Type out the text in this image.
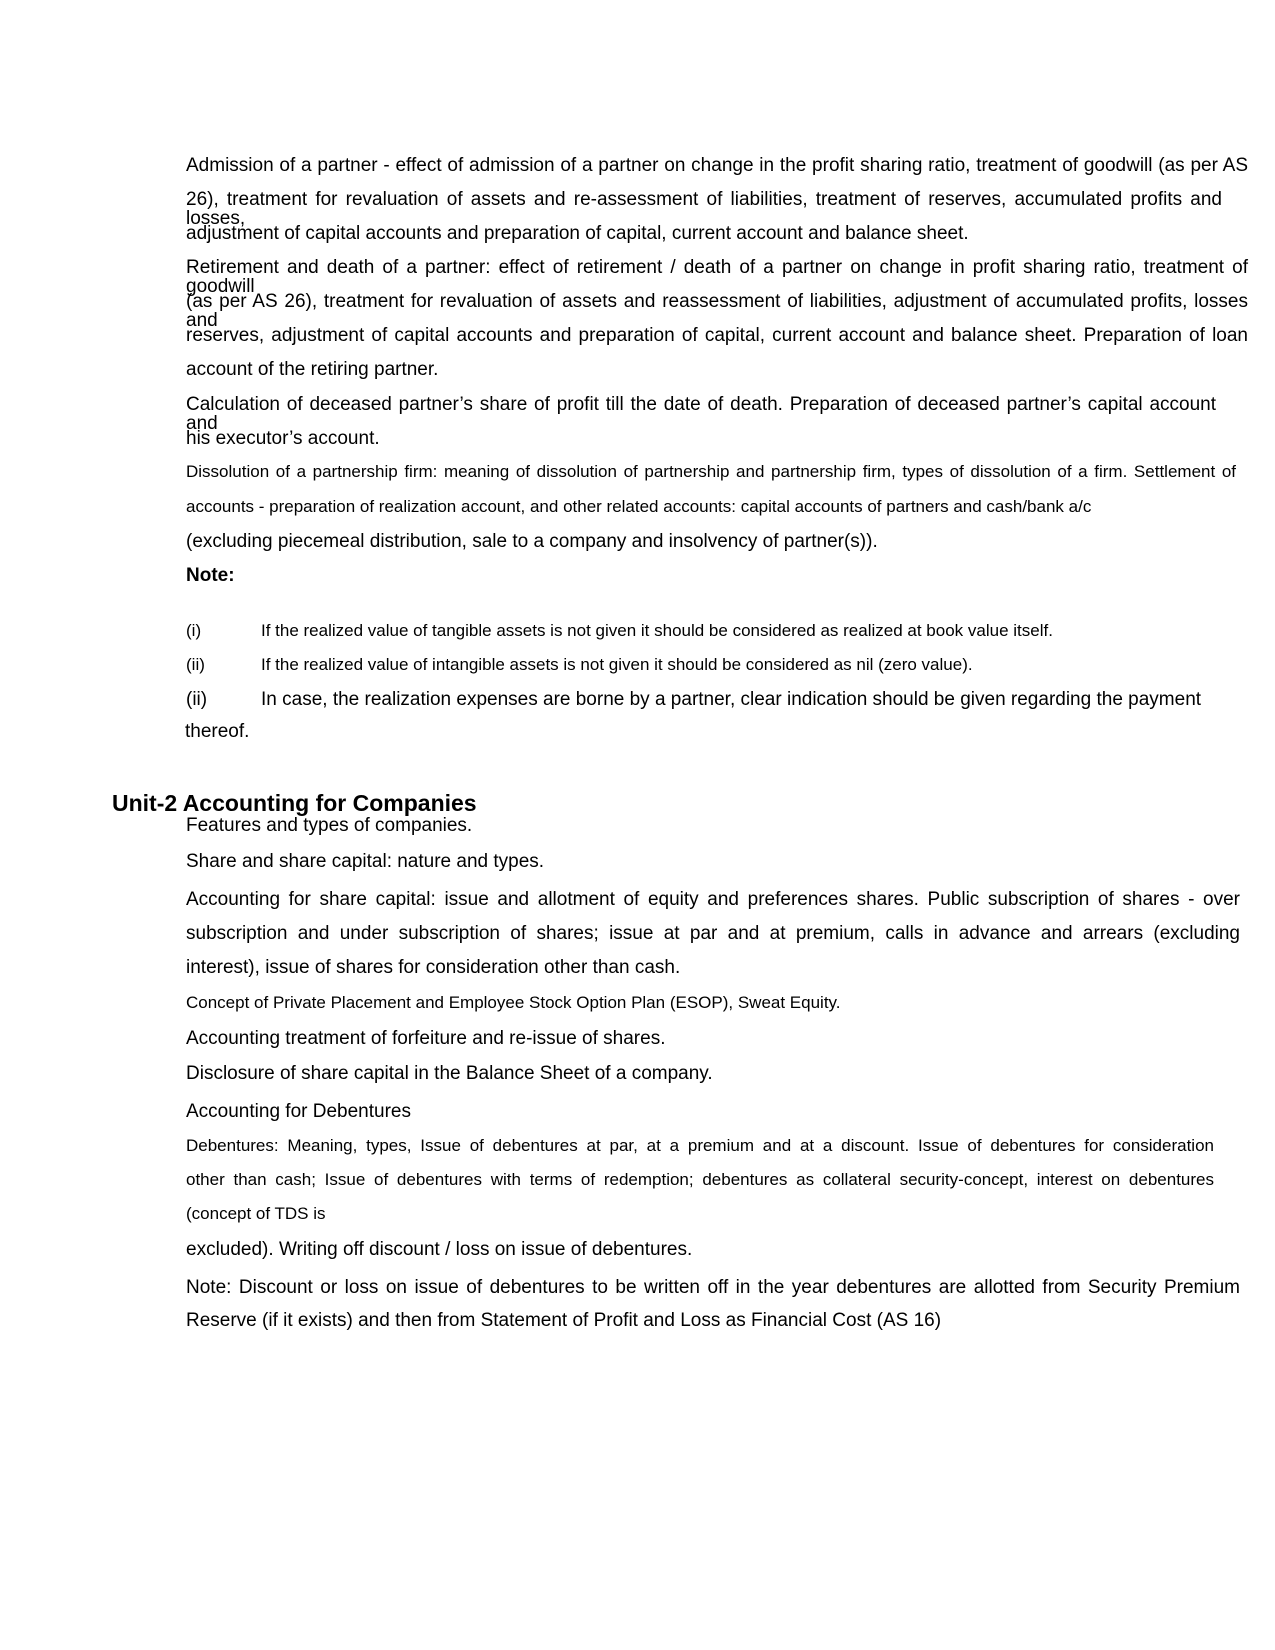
Admission of a partner - effect of admission of a partner on change in the profit sharing ratio, treatment of goodwill (as per AS

26), treatment for revaluation of assets and re-assessment of liabilities, treatment of reserves, accumulated profits and losses,

adjustment of capital accounts and preparation of capital, current account and balance sheet.

Retirement and death of a partner: effect of retirement / death of a partner on change in profit sharing ratio, treatment of goodwill

(as per AS 26), treatment for revaluation of assets and reassessment of liabilities, adjustment of accumulated profits, losses and

reserves, adjustment of capital accounts and preparation of capital, current account and balance sheet. Preparation of loan

account of the retiring partner.

Calculation of deceased partner’s share of profit till the date of death. Preparation of deceased partner’s capital account and

his executor’s account.

Dissolution of a partnership firm: meaning of dissolution of partnership and partnership firm, types of dissolution of a firm. Settlement of

accounts - preparation of realization account, and other related accounts: capital accounts of partners and cash/bank a/c

(excluding piecemeal distribution, sale to a company and insolvency of partner(s)).

Note:

(i)	If the realized value of tangible assets is not given it should be considered as realized at book value itself.
(ii)	If the realized value of intangible assets is not given it should be considered as nil (zero value).
(ii)	In case, the realization expenses are borne by a partner, clear indication should be given regarding the payment

thereof.

Unit-2 Accounting for Companies

Features and types of companies.

Share and share capital: nature and types.

Accounting for share capital: issue and allotment of equity and preferences shares. Public subscription of shares - over

subscription and under subscription of shares; issue at par and at premium, calls in advance and arrears (excluding

interest), issue of shares for consideration other than cash.

Concept of Private Placement and Employee Stock Option Plan (ESOP), Sweat Equity.

Accounting treatment of forfeiture and re-issue of shares.

Disclosure of share capital in the Balance Sheet of a company.

Accounting for Debentures

Debentures: Meaning, types, Issue of debentures at par, at a premium and at a discount. Issue of debentures for consideration

other than cash; Issue of debentures with terms of redemption; debentures as collateral security-concept, interest on debentures

(concept of TDS is

excluded). Writing off discount / loss on issue of debentures.

Note: Discount or loss on issue of debentures to be written off in the year debentures are allotted from Security Premium

Reserve (if it exists) and then from Statement of Profit and Loss as Financial Cost (AS 16)
